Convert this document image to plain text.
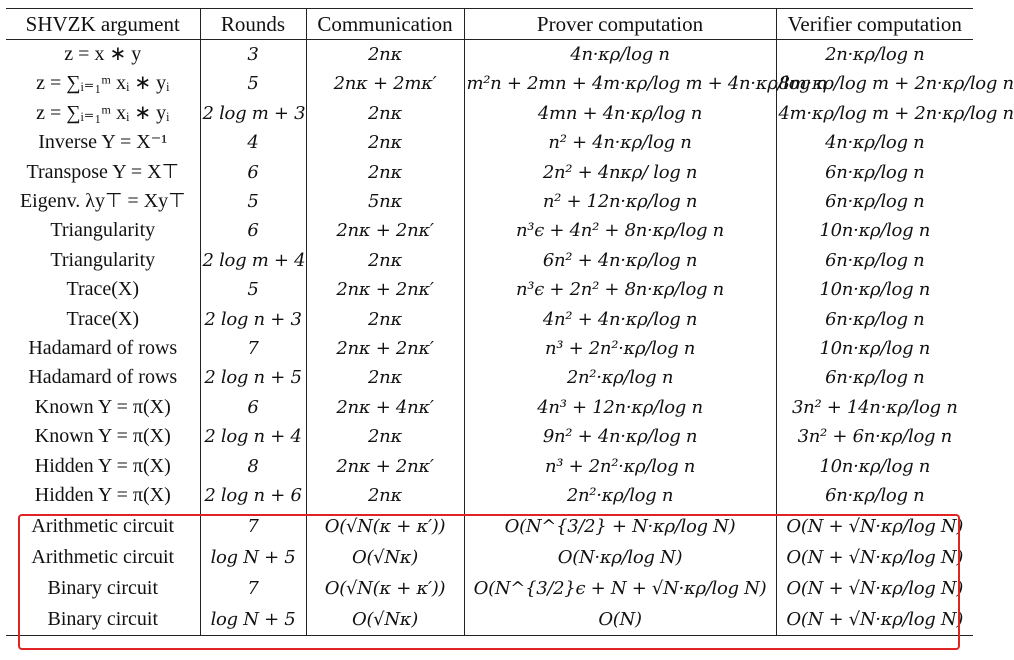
SHVZK argument	Rounds	Communication	Prover computation	Verifier computation
z = x ∗ y	3	2nκ	4n·κρ/log n	2n·κρ/log n
z = ∑ᵢ₌₁ᵐ xᵢ ∗ yᵢ	5	2nκ + 2mκ′	m²n + 2mn + 4m·κρ/log m + 4n·κρ/log n	8m·κρ/log m + 2n·κρ/log n
z = ∑ᵢ₌₁ᵐ xᵢ ∗ yᵢ	2 log m + 3	2nκ	4mn + 4n·κρ/log n	4m·κρ/log m + 2n·κρ/log n
Inverse Y = X⁻¹	4	2nκ	n² + 4n·κρ/log n	4n·κρ/log n
Transpose Y = X⊤	6	2nκ	2n² + 4nκρ/ log n	6n·κρ/log n
Eigenv. λy⊤ = Xy⊤	5	5nκ	n² + 12n·κρ/log n	6n·κρ/log n
Triangularity	6	2nκ + 2nκ′	n³ϵ + 4n² + 8n·κρ/log n	10n·κρ/log n
Triangularity	2 log m + 4	2nκ	6n² + 4n·κρ/log n	6n·κρ/log n
Trace(X)	5	2nκ + 2nκ′	n³ϵ + 2n² + 8n·κρ/log n	10n·κρ/log n
Trace(X)	2 log n + 3	2nκ	4n² + 4n·κρ/log n	6n·κρ/log n
Hadamard of rows	7	2nκ + 2nκ′	n³ + 2n²·κρ/log n	10n·κρ/log n
Hadamard of rows	2 log n + 5	2nκ	2n²·κρ/log n	6n·κρ/log n
Known Y = π(X)	6	2nκ + 4nκ′	4n³ + 12n·κρ/log n	3n² + 14n·κρ/log n
Known Y = π(X)	2 log n + 4	2nκ	9n² + 4n·κρ/log n	3n² + 6n·κρ/log n
Hidden Y = π(X)	8	2nκ + 2nκ′	n³ + 2n²·κρ/log n	10n·κρ/log n
Hidden Y = π(X)	2 log n + 6	2nκ	2n²·κρ/log n	6n·κρ/log n
Arithmetic circuit	7	O(√N(κ + κ′))	O(N^{3/2} + N·κρ/log N)	O(N + √N·κρ/log N)
Arithmetic circuit	log N + 5	O(√Nκ)	O(N·κρ/log N)	O(N + √N·κρ/log N)
Binary circuit	7	O(√N(κ + κ′))	O(N^{3/2}ϵ + N + √N·κρ/log N)	O(N + √N·κρ/log N)
Binary circuit	log N + 5	O(√Nκ)	O(N)	O(N + √N·κρ/log N)
